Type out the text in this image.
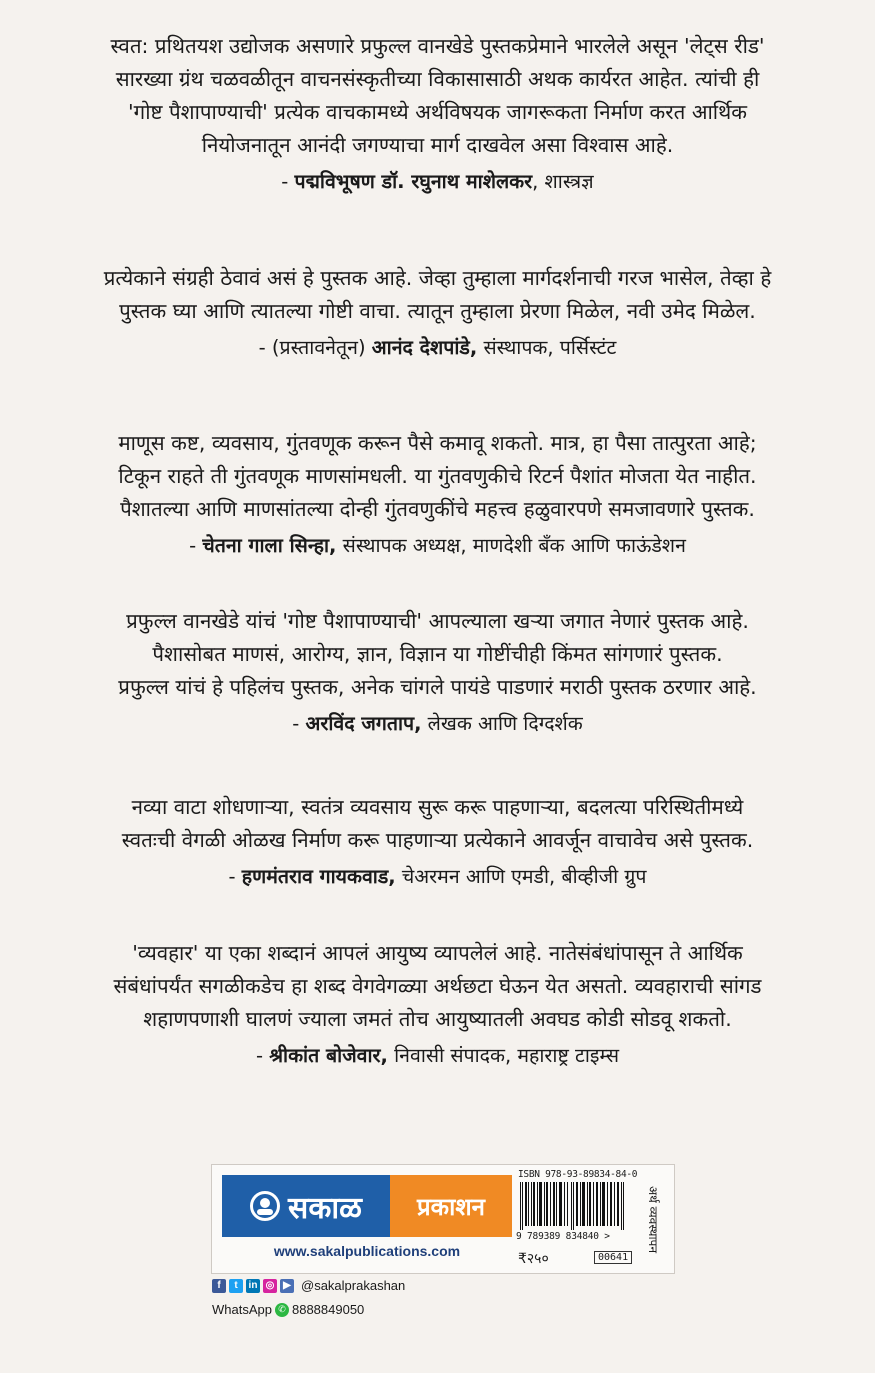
स्वत: प्रथितयश उद्योजक असणारे प्रफुल्ल वानखेडे पुस्तकप्रेमाने भारलेले असून 'लेट्स रीड'
सारख्या ग्रंथ चळवळीतून वाचनसंस्कृतीच्या विकासासाठी अथक कार्यरत आहेत. त्यांची ही
'गोष्ट पैशापाण्याची' प्रत्येक वाचकामध्ये अर्थविषयक जागरूकता निर्माण करत आर्थिक
नियोजनातून आनंदी जगण्याचा मार्ग दाखवेल असा विश्वास आहे.

- पद्मविभूषण डॉ. रघुनाथ माशेलकर, शास्त्रज्ञ

प्रत्येकाने संग्रही ठेवावं असं हे पुस्तक आहे. जेव्हा तुम्हाला मार्गदर्शनाची गरज भासेल, तेव्हा हे
पुस्तक घ्या आणि त्यातल्या गोष्टी वाचा. त्यातून तुम्हाला प्रेरणा मिळेल, नवी उमेद मिळेल.

- (प्रस्तावनेतून) आनंद देशपांडे, संस्थापक, पर्सिस्टंट

माणूस कष्ट, व्यवसाय, गुंतवणूक करून पैसे कमावू शकतो. मात्र, हा पैसा तात्पुरता आहे;
टिकून राहते ती गुंतवणूक माणसांमधली. या गुंतवणुकीचे रिटर्न पैशांत मोजता येत नाहीत.
पैशातल्या आणि माणसांतल्या दोन्ही गुंतवणुकींचे महत्त्व हळुवारपणे समजावणारे पुस्तक.

- चेतना गाला सिन्हा, संस्थापक अध्यक्ष, माणदेशी बँक आणि फाऊंडेशन

प्रफुल्ल वानखेडे यांचं 'गोष्ट पैशापाण्याची' आपल्याला खऱ्या जगात नेणारं पुस्तक आहे.
पैशासोबत माणसं, आरोग्य, ज्ञान, विज्ञान या गोष्टींचीही किंमत सांगणारं पुस्तक.
प्रफुल्ल यांचं हे पहिलंच पुस्तक, अनेक चांगले पायंडे पाडणारं मराठी पुस्तक ठरणार आहे.

- अरविंद जगताप, लेखक आणि दिग्दर्शक

नव्या वाटा शोधणाऱ्या, स्वतंत्र व्यवसाय सुरू करू पाहणाऱ्या, बदलत्या परिस्थितीमध्ये
स्वतःची वेगळी ओळख निर्माण करू पाहणाऱ्या प्रत्येकाने आवर्जून वाचावेच असे पुस्तक.

- हणमंतराव गायकवाड, चेअरमन आणि एमडी, बीव्हीजी ग्रुप

'व्यवहार' या एका शब्दानं आपलं आयुष्य व्यापलेलं आहे. नातेसंबंधांपासून ते आर्थिक
संबंधांपर्यंत सगळीकडेच हा शब्द वेगवेगळ्या अर्थछटा घेऊन येत असतो. व्यवहाराची सांगड
शहाणपणाशी घालणं ज्याला जमतं तोच आयुष्यातली अवघड कोडी सोडवू शकतो.

- श्रीकांत बोजेवार, निवासी संपादक, महाराष्ट्र टाइम्स
सकाळ प्रकाशन
www.sakalpublications.com
ISBN 978-93-89834-84-0
9 789389 834840 >
₹२५०	00641
अर्थ व्यवस्थापन
f	t	in ◎ ▶ @sakalprakashan
WhatsApp ✆ 8888849050
